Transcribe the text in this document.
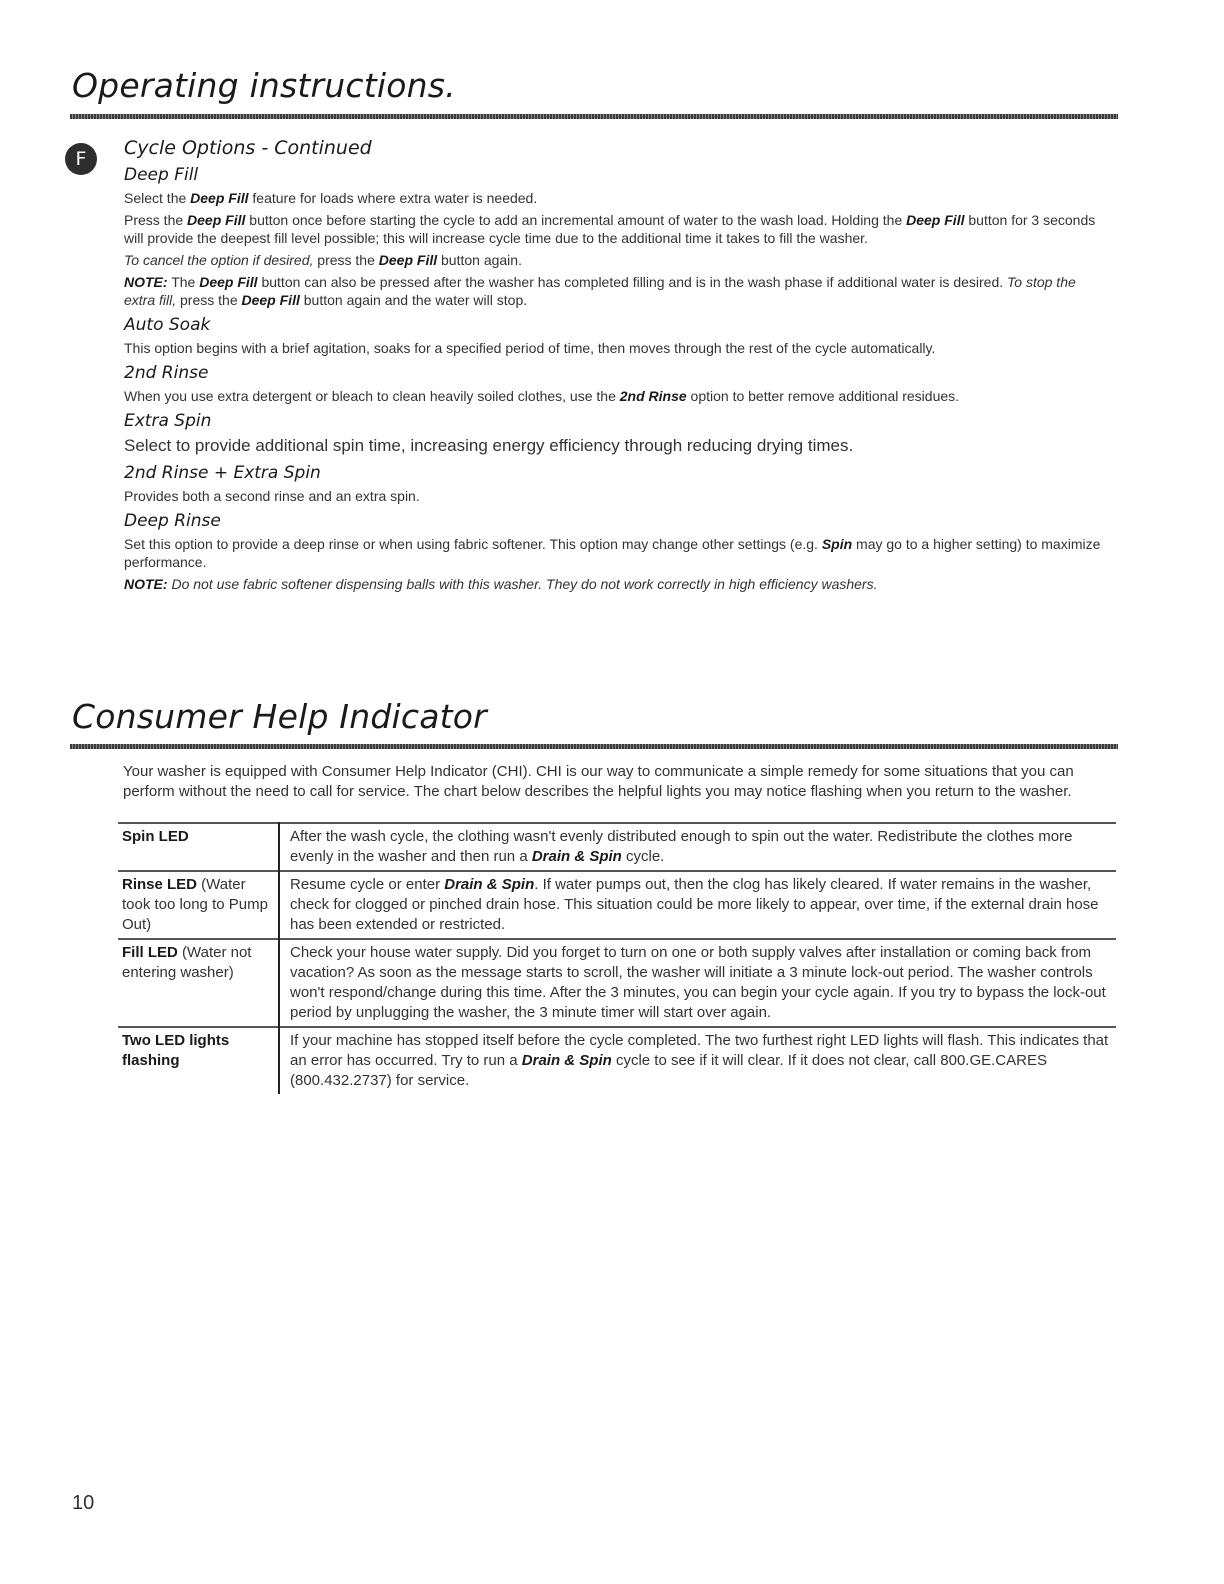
Operating instructions.
F	Cycle Options - Continued
Deep Fill

Select the Deep Fill feature for loads where extra water is needed.

Press the Deep Fill button once before starting the cycle to add an incremental amount of water to the wash load. Holding the Deep Fill button for 3 seconds will provide the deepest fill level possible; this will increase cycle time due to the additional time it takes to fill the washer.

To cancel the option if desired, press the Deep Fill button again.

NOTE: The Deep Fill button can also be pressed after the washer has completed filling and is in the wash phase if additional water is desired. To stop the extra fill, press the Deep Fill button again and the water will stop.

Auto Soak

This option begins with a brief agitation, soaks for a specified period of time, then moves through the rest of the cycle automatically.

2nd Rinse

When you use extra detergent or bleach to clean heavily soiled clothes, use the 2nd Rinse option to better remove additional residues.

Extra Spin

Select to provide additional spin time, increasing energy efficiency through reducing drying times.

2nd Rinse + Extra Spin

Provides both a second rinse and an extra spin.

Deep Rinse

Set this option to provide a deep rinse or when using fabric softener. This option may change other settings (e.g. Spin may go to a higher setting) to maximize performance.

NOTE: Do not use fabric softener dispensing balls with this washer. They do not work correctly in high efficiency washers.

Consumer Help Indicator
Your washer is equipped with Consumer Help Indicator (CHI). CHI is our way to communicate a simple remedy for some situations that you can perform without the need to call for service. The chart below describes the helpful lights you may notice flashing when you return to the washer.
Spin LED	After the wash cycle, the clothing wasn't evenly distributed enough to spin out the water. Redistribute the clothes more evenly in the washer and then run a Drain & Spin cycle.
Rinse LED (Water took too long to Pump Out)	Resume cycle or enter Drain & Spin. If water pumps out, then the clog has likely cleared. If water remains in the washer, check for clogged or pinched drain hose. This situation could be more likely to appear, over time, if the external drain hose has been extended or restricted.
Fill LED (Water not entering washer)	Check your house water supply. Did you forget to turn on one or both supply valves after installation or coming back from vacation? As soon as the message starts to scroll, the washer will initiate a 3 minute lock-out period. The washer controls won't respond/change during this time. After the 3 minutes, you can begin your cycle again. If you try to bypass the lock-out period by unplugging the washer, the 3 minute timer will start over again.
Two LED lights flashing	If your machine has stopped itself before the cycle completed. The two furthest right LED lights will flash. This indicates that an error has occurred. Try to run a Drain & Spin cycle to see if it will clear. If it does not clear, call 800.GE.CARES (800.432.2737) for service.
10
